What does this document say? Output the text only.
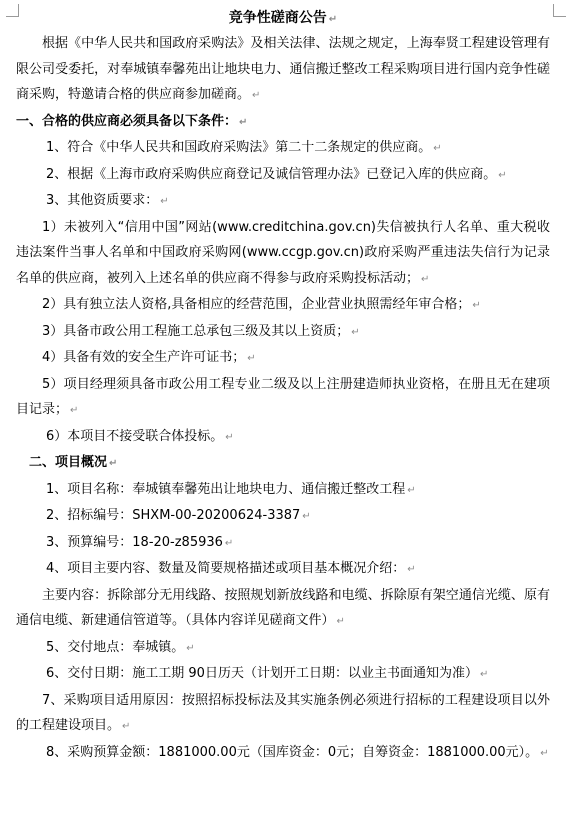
竞争性磋商公告 ↵
根据《中华人民共和国政府采购法》及相关法律、法规之规定，上海奉贤工程建设管理有限公司受委托，对奉城镇奉馨苑出让地块电力、通信搬迁整改工程采购项目进行国内竞争性磋商采购，特邀请合格的供应商参加磋商。 ↵
一、合格的供应商必须具备以下条件： ↵
1、符合《中华人民共和国政府采购法》第二十二条规定的供应商。 ↵
2、根据《上海市政府采购供应商登记及诚信管理办法》已登记入库的供应商。 ↵
3、其他资质要求： ↵
1）未被列入“信用中国”网站(www.creditchina.gov.cn)失信被执行人名单、重大税收违法案件当事人名单和中国政府采购网(www.ccgp.gov.cn)政府采购严重违法失信行为记录名单的供应商，被列入上述名单的供应商不得参与政府采购投标活动； ↵
2）具有独立法人资格,具备相应的经营范围，企业营业执照需经年审合格； ↵
3）具备市政公用工程施工总承包三级及其以上资质； ↵
4）具备有效的安全生产许可证书； ↵
5）项目经理须具备市政公用工程专业二级及以上注册建造师执业资格，在册且无在建项目记录； ↵
6）本项目不接受联合体投标。 ↵
二、项目概况 ↵
1、项目名称：奉城镇奉馨苑出让地块电力、通信搬迁整改工程 ↵
2、招标编号：SHXM-00-20200624-3387 ↵
3、预算编号：18-20-z85936 ↵
4、项目主要内容、数量及简要规格描述或项目基本概况介绍： ↵
主要内容：拆除部分无用线路、按照规划新放线路和电缆、拆除原有架空通信光缆、原有通信电缆、新建通信管道等。（具体内容详见磋商文件） ↵
5、交付地点：奉城镇。 ↵
6、交付日期：施工工期 90日历天（计划开工日期：以业主书面通知为准） ↵
7、采购项目适用原因：按照招标投标法及其实施条例必须进行招标的工程建设项目以外的工程建设项目。 ↵
8、采购预算金额：1881000.00元（国库资金：0元；自筹资金：1881000.00元）。 ↵
